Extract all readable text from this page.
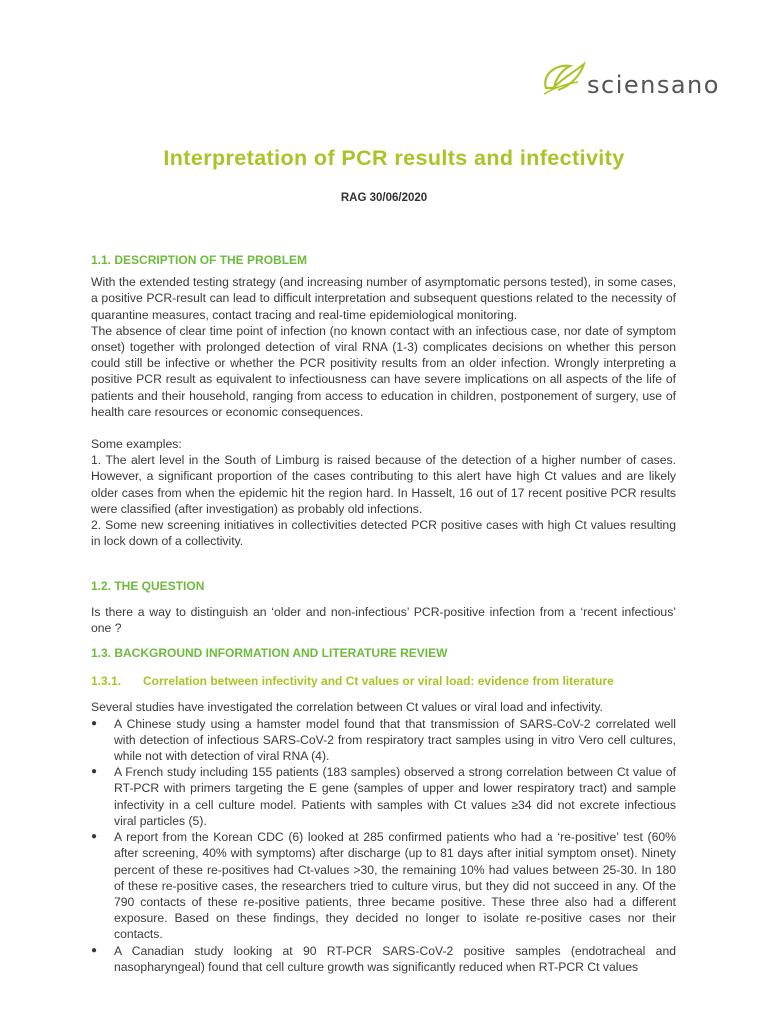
sciensano
Interpretation of PCR results and infectivity
RAG 30/06/2020
1.1. DESCRIPTION OF THE PROBLEM

With the extended testing strategy (and increasing number of asymptomatic persons tested), in some cases, a positive PCR-result can lead to difficult interpretation and subsequent questions related to the necessity of quarantine measures, contact tracing and real-time epidemiological monitoring.

The absence of clear time point of infection (no known contact with an infectious case, nor date of symptom onset) together with prolonged detection of viral RNA (1-3) complicates decisions on whether this person could still be infective or whether the PCR positivity results from an older infection. Wrongly interpreting a positive PCR result as equivalent to infectiousness can have severe implications on all aspects of the life of patients and their household, ranging from access to education in children, postponement of surgery, use of health care resources or economic consequences.

Some examples:

1. The alert level in the South of Limburg is raised because of the detection of a higher number of cases. However, a significant proportion of the cases contributing to this alert have high Ct values and are likely older cases from when the epidemic hit the region hard. In Hasselt, 16 out of 17 recent positive PCR results were classified (after investigation) as probably old infections.

2. Some new screening initiatives in collectivities detected PCR positive cases with high Ct values resulting in lock down of a collectivity.

1.2. THE QUESTION

Is there a way to distinguish an ‘older and non-infectious’ PCR-positive infection from a ‘recent infectious’ one ?

1.3. BACKGROUND INFORMATION AND LITERATURE REVIEW
1.3.1. Correlation between infectivity and Ct values or viral load: evidence from literature

Several studies have investigated the correlation between Ct values or viral load and infectivity.

● A Chinese study using a hamster model found that that transmission of SARS-CoV-2 correlated well with detection of infectious SARS-CoV-2 from respiratory tract samples using in vitro Vero cell cultures, while not with detection of viral RNA (4).
● A French study including 155 patients (183 samples) observed a strong correlation between Ct value of RT-PCR with primers targeting the E gene (samples of upper and lower respiratory tract) and sample infectivity in a cell culture model. Patients with samples with Ct values ≥34 did not excrete infectious viral particles (5).
● A report from the Korean CDC (6) looked at 285 confirmed patients who had a ‘re-positive’ test (60% after screening, 40% with symptoms) after discharge (up to 81 days after initial symptom onset). Ninety percent of these re-positives had Ct-values >30, the remaining 10% had values between 25-30. In 180 of these re-positive cases, the researchers tried to culture virus, but they did not succeed in any. Of the 790 contacts of these re-positive patients, three became positive. These three also had a different exposure. Based on these findings, they decided no longer to isolate re-positive cases nor their contacts.
● A Canadian study looking at 90 RT-PCR SARS-CoV-2 positive samples (endotracheal and nasopharyngeal) found that cell culture growth was significantly reduced when RT-PCR Ct values
